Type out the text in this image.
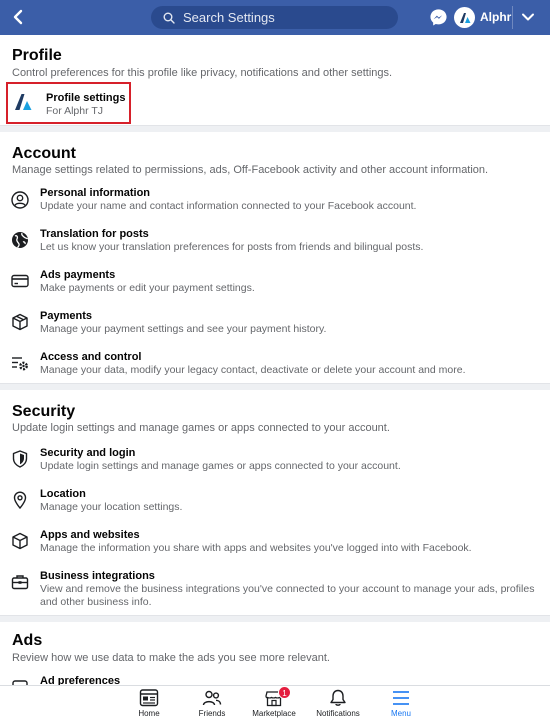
Search Settings	Alphr
Profile
Control preferences for this profile like privacy, notifications and other settings.
Profile settings
For Alphr TJ
Account
Manage settings related to permissions, ads, Off-Facebook activity and other account information.
Personal information
Update your name and contact information connected to your Facebook account.
Translation for posts
Let us know your translation preferences for posts from friends and bilingual posts.
Ads payments
Make payments or edit your payment settings.
Payments
Manage your payment settings and see your payment history.
Access and control
Manage your data, modify your legacy contact, deactivate or delete your account and more.
Security
Update login settings and manage games or apps connected to your account.
Security and login
Update login settings and manage games or apps connected to your account.
Location
Manage your location settings.
Apps and websites
Manage the information you share with apps and websites you've logged into with Facebook.
Business integrations
View and remove the business integrations you've connected to your account to manage your ads, profiles
and other business info.
Ads
Review how we use data to make the ads you see more relevant.
Ad preferences
Home	Friends
1
Marketplace	Notifications	Menu
